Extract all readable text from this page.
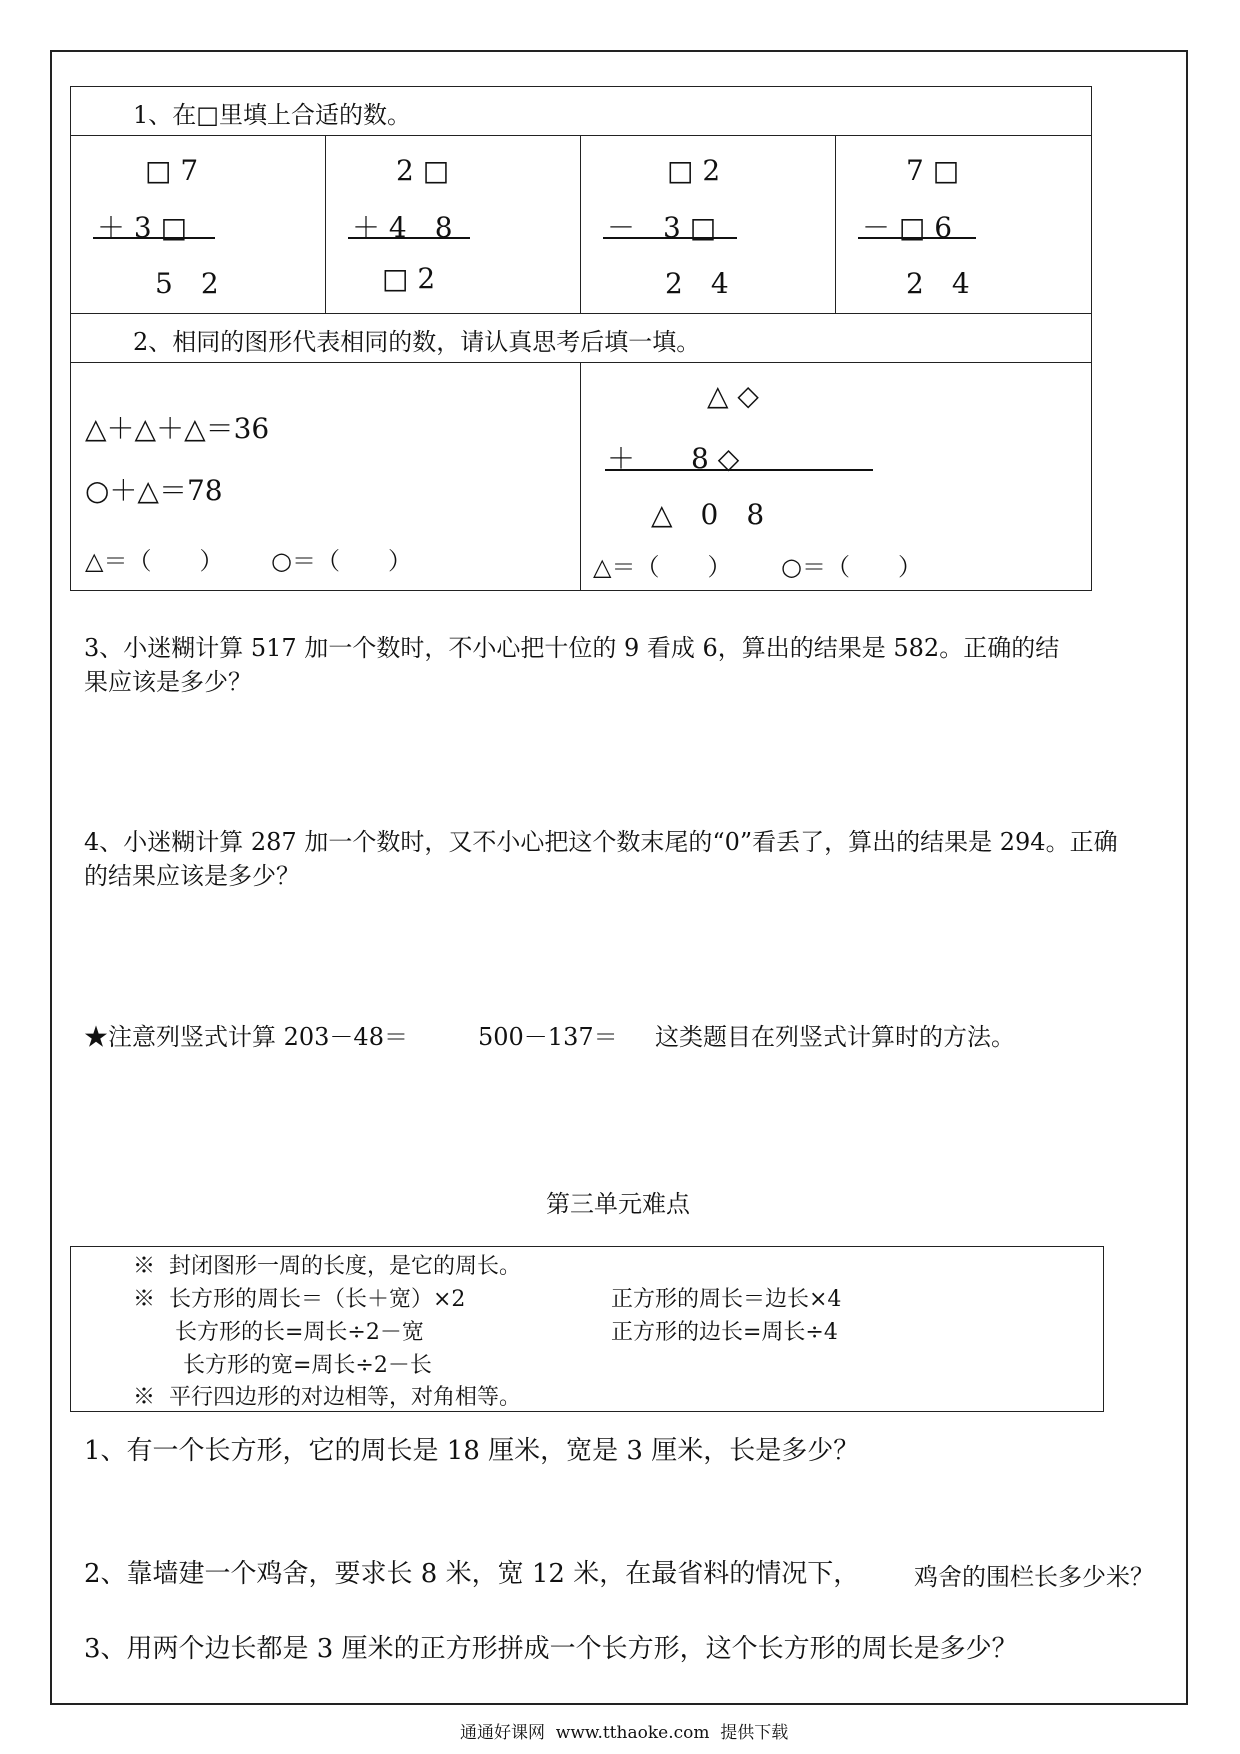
1、在□里填上合适的数。
□ 7
＋ 3 □
5　2
2 □
＋ 4　8
□ 2
□ 2
－　3 □
2　4
7 □
－ □ 6
2　4
2、相同的图形代表相同的数，请认真思考后填一填。
△＋△＋△＝36
○＋△＝78
△＝（　　） ○＝（　　）
△ ◇
＋　　8 ◇
△　0　8
△＝（　　） ○＝（　　）
3、小迷糊计算 517 加一个数时，不小心把十位的 9 看成 6，算出的结果是 582。正确的结
果应该是多少？
4、小迷糊计算 287 加一个数时，又不小心把这个数末尾的“0”看丢了，算出的结果是 294。正确
的结果应该是多少？
★注意列竖式计算 203－48＝	500－137＝ 这类题目在列竖式计算时的方法。
第三单元难点
※  封闭图形一周的长度，是它的周长。
※  长方形的周长＝（长＋宽）×2	正方形的周长＝边长×4
长方形的长=周长÷2－宽	正方形的边长=周长÷4
长方形的宽=周长÷2－长
※  平行四边形的对边相等，对角相等。
1、有一个长方形，它的周长是 18 厘米，宽是 3 厘米，长是多少？
2、靠墙建一个鸡舍，要求长 8 米，宽 12 米，在最省料的情况下， 鸡舍的围栏长多少米？
3、用两个边长都是 3 厘米的正方形拼成一个长方形，这个长方形的周长是多少？
通通好课网  www.tthaoke.com  提供下载
